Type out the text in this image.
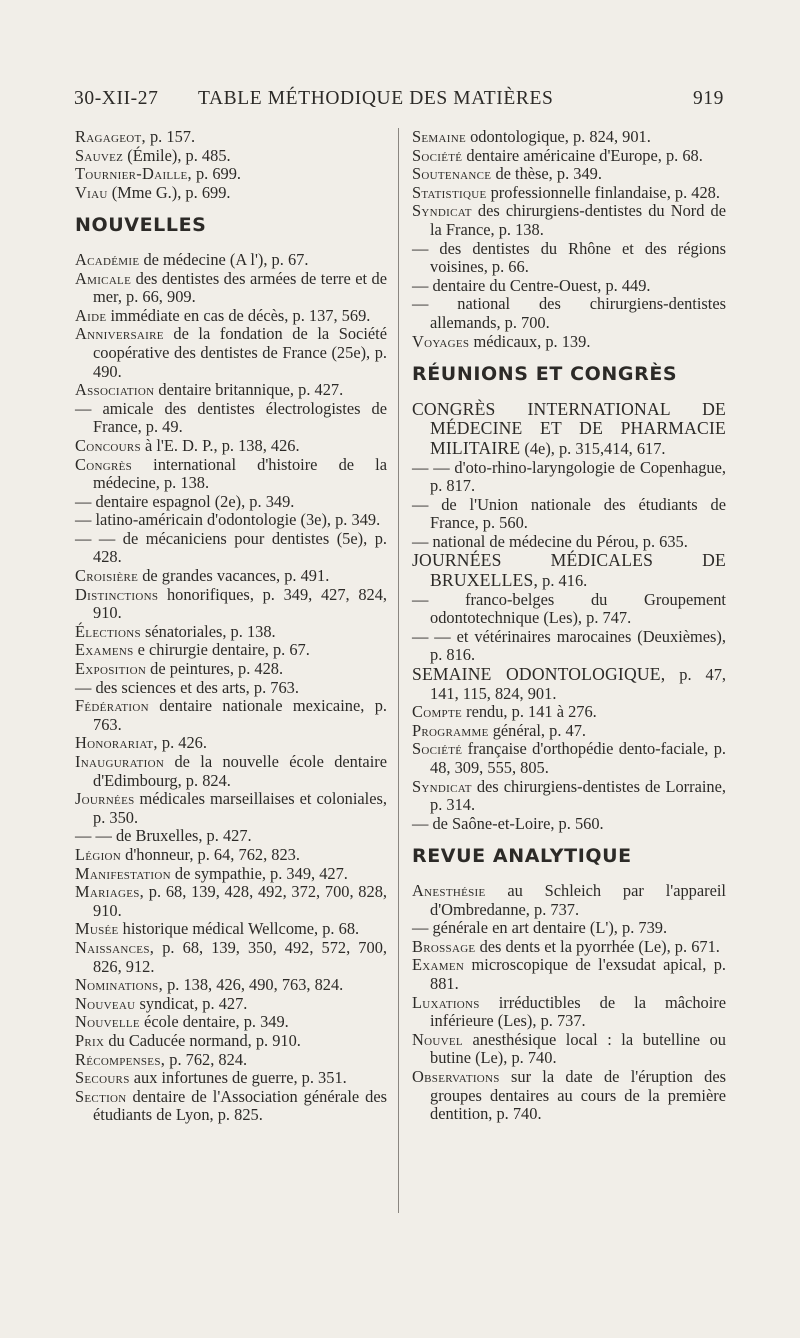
30-XII-27 TABLE MÉTHODIQUE DES MATIÈRES	919
Ragageot, p. 157.
Sauvez (Émile), p. 485.
Tournier-Daille, p. 699.
Viau (Mme G.), p. 699.
NOUVELLES
Académie de médecine (A l'), p. 67.
Amicale des dentistes des armées de terre et de mer, p. 66, 909.
Aide immédiate en cas de décès, p. 137, 569.
Anniversaire de la fondation de la Société coopérative des dentistes de France (25e), p. 490.
Association dentaire britannique, p. 427.
— amicale des dentistes électrologistes de France, p. 49.
Concours à l'E. D. P., p. 138, 426.
Congrès international d'histoire de la médecine, p. 138.
— dentaire espagnol (2e), p. 349.
— latino-américain d'odontologie (3e), p. 349.
— — de mécaniciens pour dentistes (5e), p. 428.
Croisière de grandes vacances, p. 491.
Distinctions honorifiques, p. 349, 427, 824, 910.
Élections sénatoriales, p. 138.
Examens e chirurgie dentaire, p. 67.
Exposition de peintures, p. 428.
— des sciences et des arts, p. 763.
Fédération dentaire nationale mexicaine, p. 763.
Honorariat, p. 426.
Inauguration de la nouvelle école dentaire d'Edimbourg, p. 824.
Journées médicales marseillaises et coloniales, p. 350.
— — de Bruxelles, p. 427.
Légion d'honneur, p. 64, 762, 823.
Manifestation de sympathie, p. 349, 427.
Mariages, p. 68, 139, 428, 492, 372, 700, 828, 910.
Musée historique médical Wellcome, p. 68.
Naissances, p. 68, 139, 350, 492, 572, 700, 826, 912.
Nominations, p. 138, 426, 490, 763, 824.
Nouveau syndicat, p. 427.
Nouvelle école dentaire, p. 349.
Prix du Caducée normand, p. 910.
Récompenses, p. 762, 824.
Secours aux infortunes de guerre, p. 351.
Section dentaire de l'Association générale des étudiants de Lyon, p. 825.
Semaine odontologique, p. 824, 901.
Société dentaire américaine d'Europe, p. 68.
Soutenance de thèse, p. 349.
Statistique professionnelle finlandaise, p. 428.
Syndicat des chirurgiens-dentistes du Nord de la France, p. 138.
— des dentistes du Rhône et des régions voisines, p. 66.
— dentaire du Centre-Ouest, p. 449.
— national des chirurgiens-dentistes allemands, p. 700.
Voyages médicaux, p. 139.
RÉUNIONS ET CONGRÈS
CONGRÈS INTERNATIONAL DE MÉDECINE ET DE PHARMACIE MILITAIRE (4e), p. 315,414, 617.
— — d'oto-rhino-laryngologie de Copenhague, p. 817.
— de l'Union nationale des étudiants de France, p. 560.
— national de médecine du Pérou, p. 635.
JOURNÉES MÉDICALES DE BRUXELLES, p. 416.
— franco-belges du Groupement odontotechnique (Les), p. 747.
— — et vétérinaires marocaines (Deuxièmes), p. 816.
SEMAINE ODONTOLOGIQUE, p. 47, 141, 115, 824, 901.
Compte rendu, p. 141 à 276.
Programme général, p. 47.
Société française d'orthopédie dento-faciale, p. 48, 309, 555, 805.
Syndicat des chirurgiens-dentistes de Lorraine, p. 314.
— de Saône-et-Loire, p. 560.
REVUE ANALYTIQUE
Anesthésie au Schleich par l'appareil d'Ombredanne, p. 737.
— générale en art dentaire (L'), p. 739.
Brossage des dents et la pyorrhée (Le), p. 671.
Examen microscopique de l'exsudat apical, p. 881.
Luxations irréductibles de la mâchoire inférieure (Les), p. 737.
Nouvel anesthésique local : la butelline ou butine (Le), p. 740.
Observations sur la date de l'éruption des groupes dentaires au cours de la première dentition, p. 740.
